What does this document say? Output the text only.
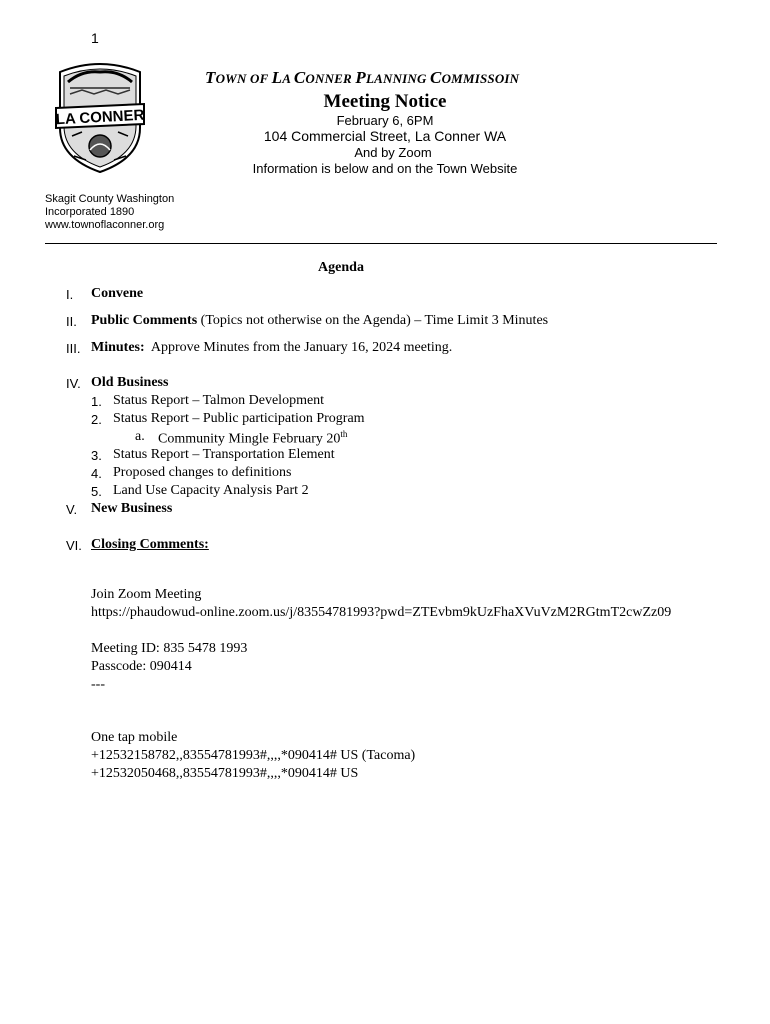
1
LA CONNER
TOWN OF LA CONNER PLANNING COMMISSOIN
Meeting Notice
February 6, 6PM
104 Commercial Street, La Conner WA
And by Zoom
Information is below and on the Town Website
Skagit County Washington
Incorporated 1890
www.townoflaconner.org
Agenda
I. Convene
II. Public Comments (Topics not otherwise on the Agenda) – Time Limit 3 Minutes
III. Minutes:  Approve Minutes from the January 16, 2024 meeting.
IV. Old Business
1. Status Report – Talmon Development
2. Status Report – Public participation Program
a. Community Mingle February 20th
3. Status Report – Transportation Element
4. Proposed changes to definitions
5. Land Use Capacity Analysis Part 2
V. New Business
VI. Closing Comments:
Join Zoom Meeting
https://phaudowud-online.zoom.us/j/83554781993?pwd=ZTEvbm9kUzFhaXVuVzM2RGtmT2cwZz09
Meeting ID: 835 5478 1993
Passcode: 090414
---
One tap mobile
+12532158782,,83554781993#,,,,*090414# US (Tacoma)
+12532050468,,83554781993#,,,,*090414# US
